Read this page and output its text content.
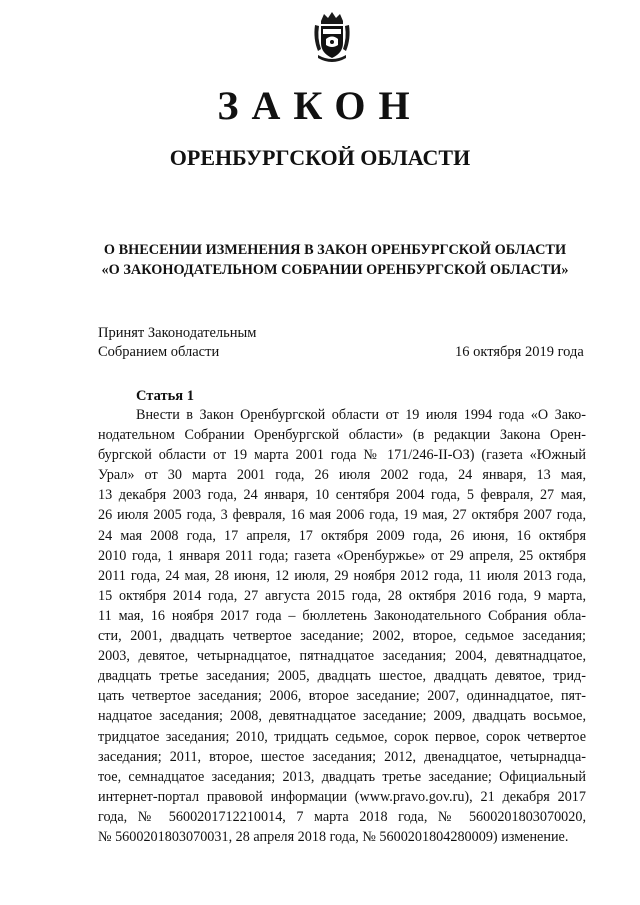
ЗАКОН
ОРЕНБУРГСКОЙ ОБЛАСТИ
О ВНЕСЕНИИ ИЗМЕНЕНИЯ В ЗАКОН ОРЕНБУРГСКОЙ ОБЛАСТИ
«О ЗАКОНОДАТЕЛЬНОМ СОБРАНИИ ОРЕНБУРГСКОЙ ОБЛАСТИ»
Принят Законодательным
Собранием области	16 октября 2019 года
Статья 1
Внести в Закон Оренбургской области от 19 июля 1994 года «О Зако-
нодательном Собрании Оренбургской области» (в редакции Закона Орен-
бургской области от 19 марта 2001 года № 171/246-II-ОЗ) (газета «Южный
Урал» от 30 марта 2001 года, 26 июля 2002 года, 24 января, 13 мая,
13 декабря 2003 года, 24 января, 10 сентября 2004 года, 5 февраля, 27 мая,
26 июля 2005 года, 3 февраля, 16 мая 2006 года, 19 мая, 27 октября 2007 года,
24 мая 2008 года, 17 апреля, 17 октября 2009 года, 26 июня, 16 октября
2010 года, 1 января 2011 года; газета «Оренбуржье» от 29 апреля, 25 октября
2011 года, 24 мая, 28 июня, 12 июля, 29 ноября 2012 года, 11 июля 2013 года,
15 октября 2014 года, 27 августа 2015 года, 28 октября 2016 года, 9 марта,
11 мая, 16 ноября 2017 года – бюллетень Законодательного Собрания обла-
сти, 2001, двадцать четвертое заседание; 2002, второе, седьмое заседания;
2003, девятое, четырнадцатое, пятнадцатое заседания; 2004, девятнадцатое,
двадцать третье заседания; 2005, двадцать шестое, двадцать девятое, трид-
цать четвертое заседания; 2006, второе заседание; 2007, одиннадцатое, пят-
надцатое заседания; 2008, девятнадцатое заседание; 2009, двадцать восьмое,
тридцатое заседания; 2010, тридцать седьмое, сорок первое, сорок четвертое
заседания; 2011, второе, шестое заседания; 2012, двенадцатое, четырнадца-
тое, семнадцатое заседания; 2013, двадцать третье заседание; Официальный
интернет-портал правовой информации (www.pravo.gov.ru), 21 декабря 2017
года, № 5600201712210014, 7 марта 2018 года, № 5600201803070020,
№ 5600201803070031, 28 апреля 2018 года, № 5600201804280009) изменение.
